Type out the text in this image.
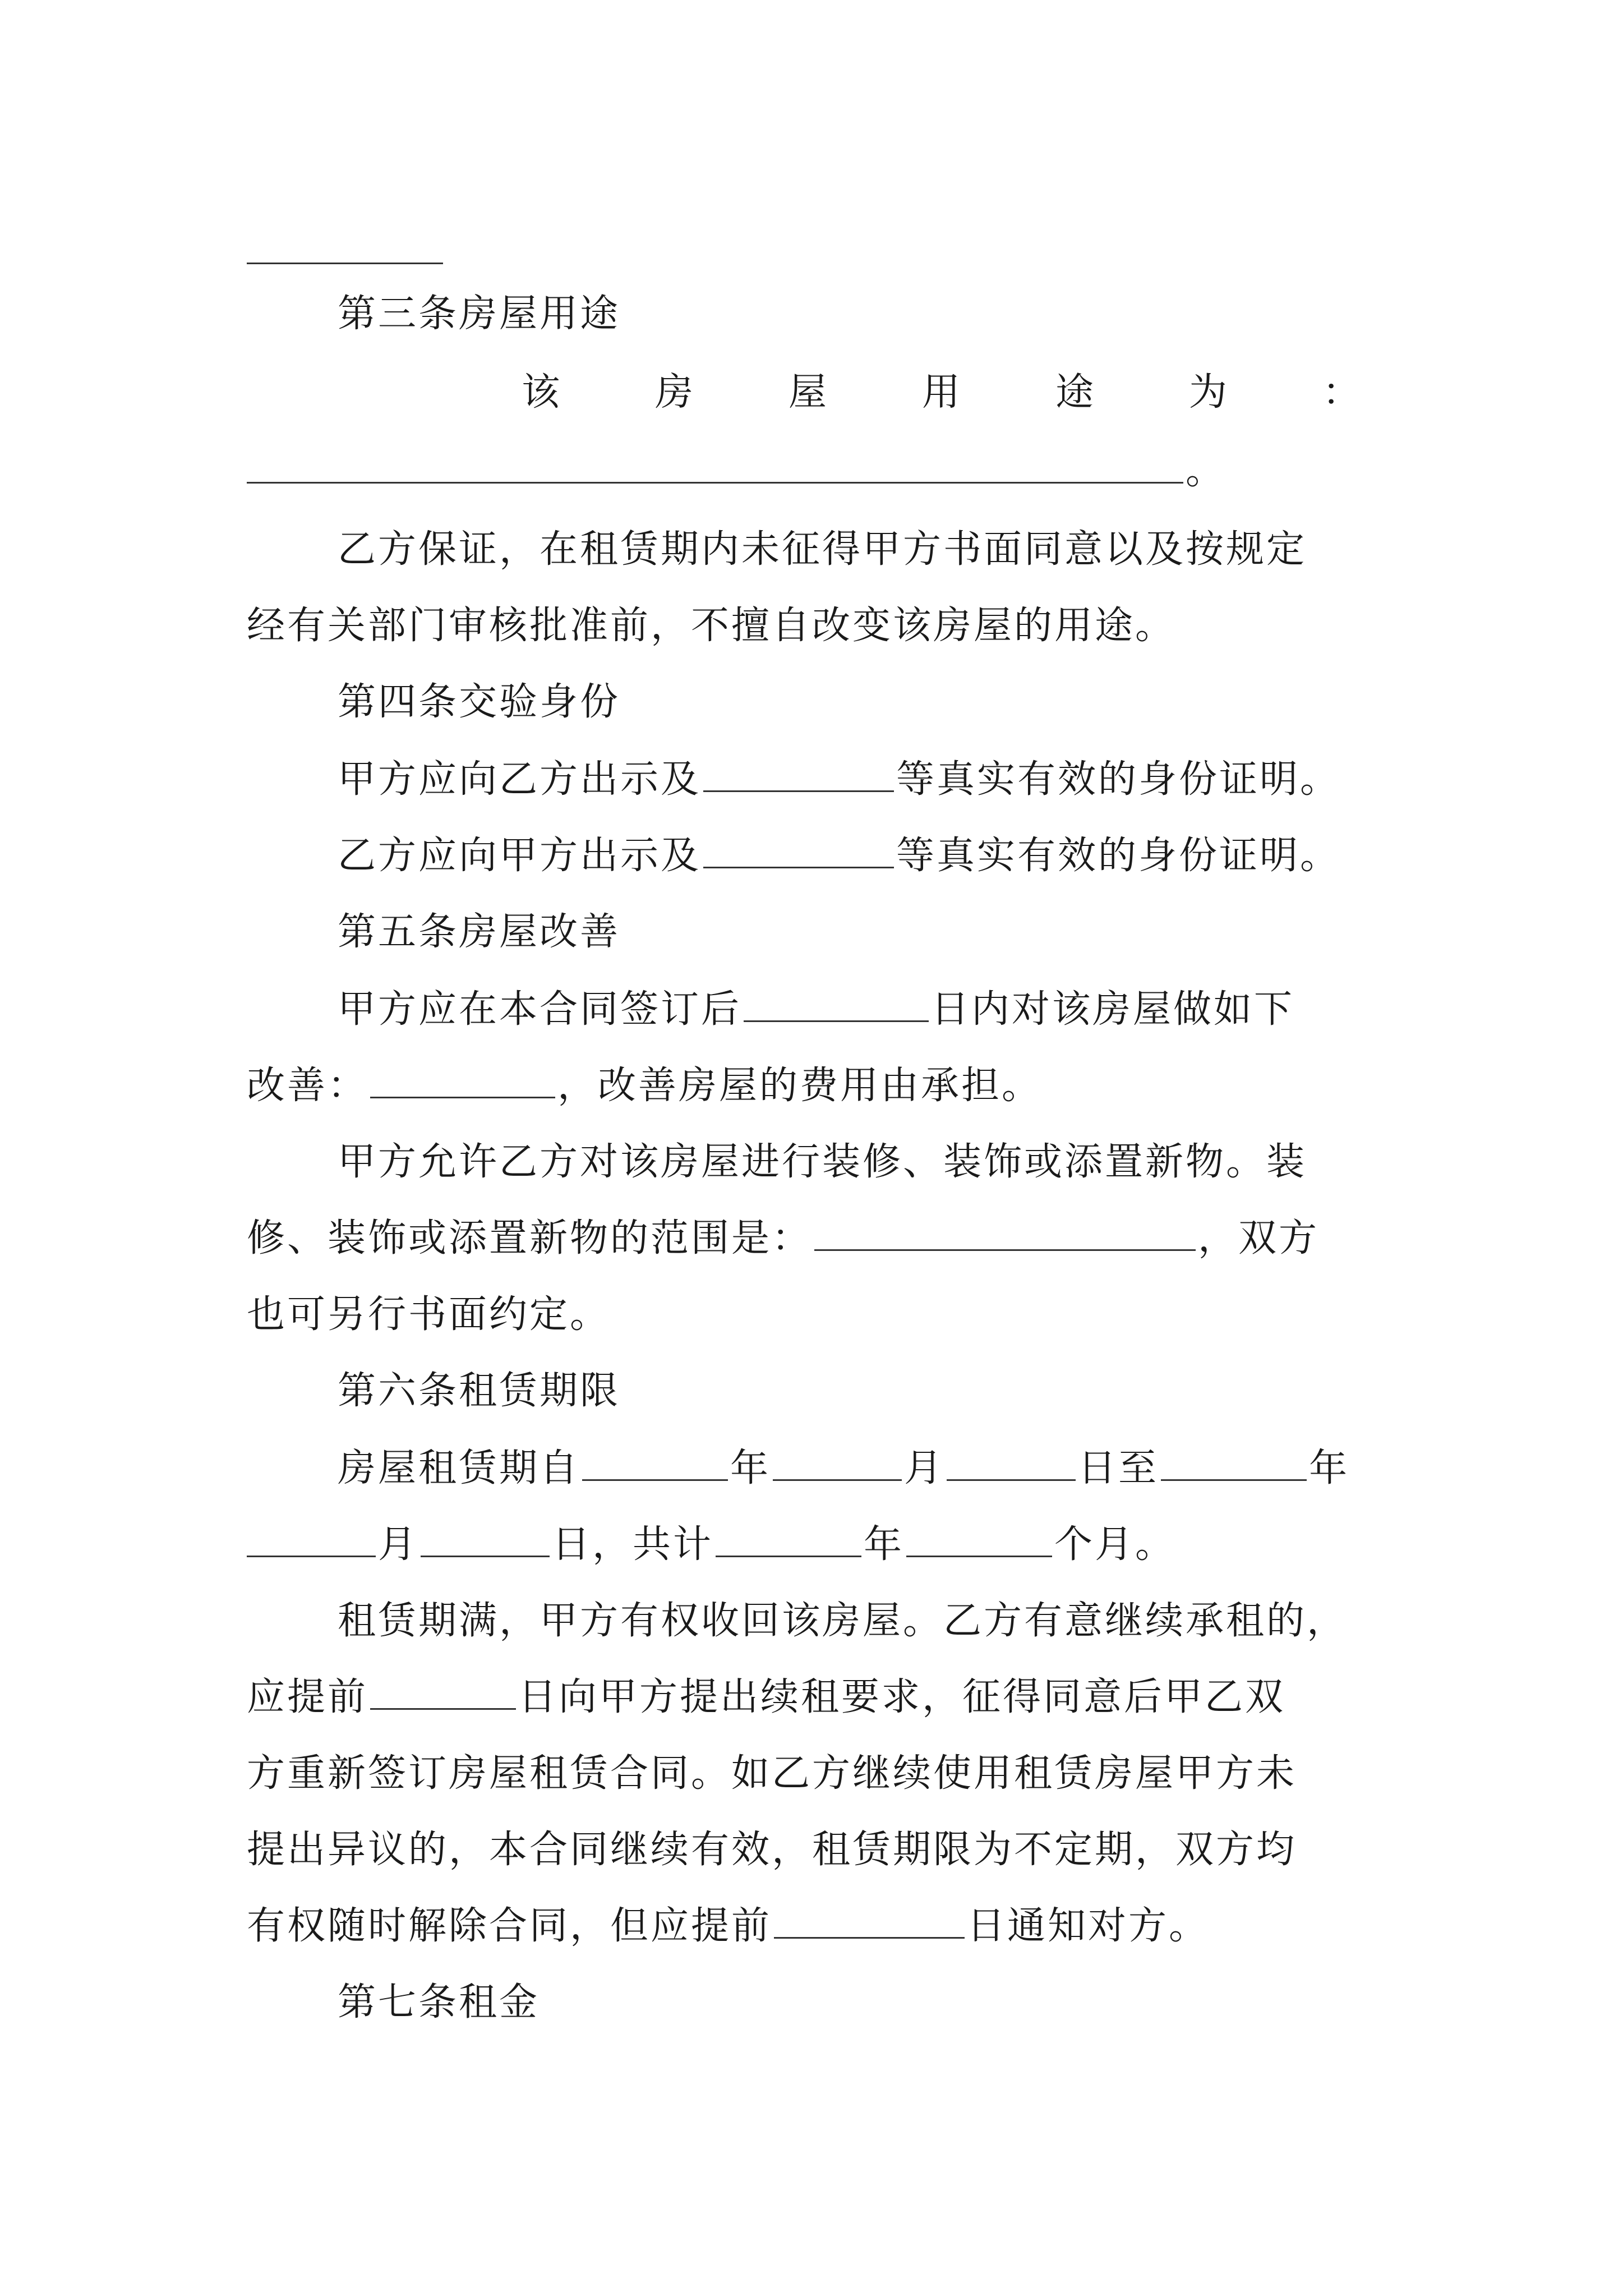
第三条房屋用途
该 房 屋 用 途 为 ：
。
乙方保证，在租赁期内未征得甲方书面同意以及按规定
经有关部门审核批准前，不擅自改变该房屋的用途。
第四条交验身份
甲方应向乙方出示及	等真实有效的身份证明。
乙方应向甲方出示及	等真实有效的身份证明。
第五条房屋改善
甲方应在本合同签订后	日内对该房屋做如下
改善：	，改善房屋的费用由承担。
甲方允许乙方对该房屋进行装修、装饰或添置新物。装
修、装饰或添置新物的范围是：	，双方
也可另行书面约定。
第六条租赁期限
房屋租赁期自	年	月	日至	年
月	日，共计	年	个月。
租赁期满，甲方有权收回该房屋。乙方有意继续承租的，
应提前	日向甲方提出续租要求，征得同意后甲乙双
方重新签订房屋租赁合同。如乙方继续使用租赁房屋甲方未
提出异议的，本合同继续有效，租赁期限为不定期，双方均
有权随时解除合同，但应提前	日通知对方。
第七条租金
